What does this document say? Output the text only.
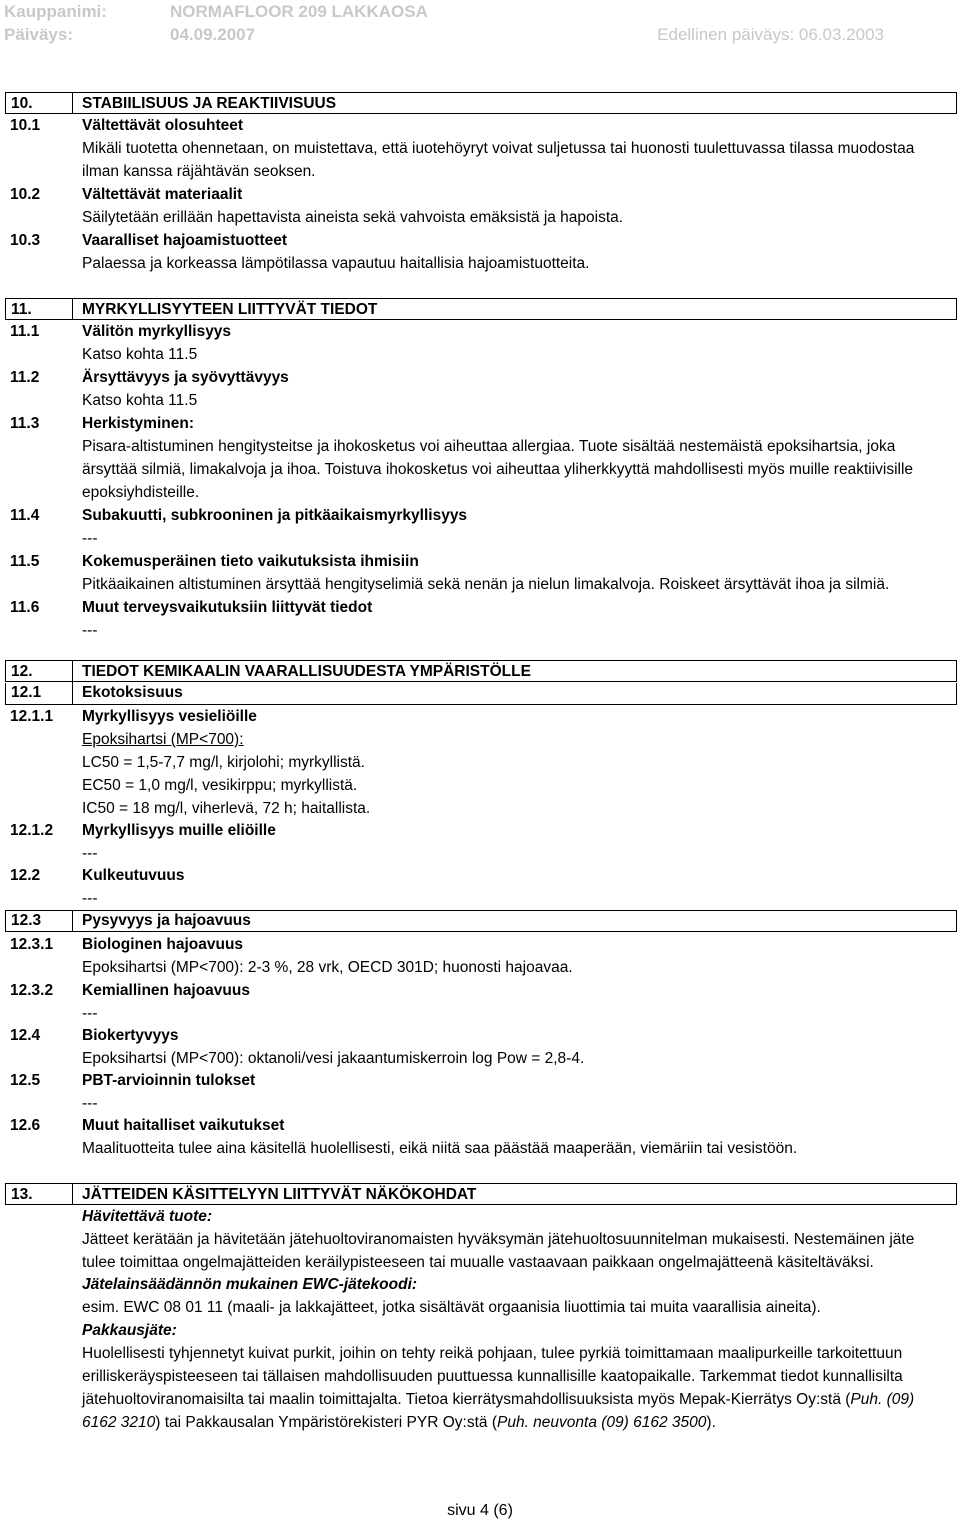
Kauppanimi:	NORMAFLOOR 209 LAKKAOSA
Päiväys:	04.09.2007	Edellinen päiväys: 06.03.2003
10.	STABIILISUUS JA REAKTIIVISUUS
10.1	Vältettävät olosuhteet
Mikäli tuotetta ohennetaan, on muistettava, että iuotehöyryt voivat suljetussa tai huonosti tuulettuvassa tilassa muodostaa
ilman kanssa räjähtävän seoksen.
10.2	Vältettävät materiaalit
Säilytetään erillään hapettavista aineista sekä vahvoista emäksistä ja hapoista.
10.3	Vaaralliset hajoamistuotteet
Palaessa ja korkeassa lämpötilassa vapautuu haitallisia hajoamistuotteita.
11.	MYRKYLLISYYTEEN LIITTYVÄT TIEDOT
11.1	Välitön myrkyllisyys
Katso kohta 11.5
11.2	Ärsyttävyys ja syövyttävyys
Katso kohta 11.5
11.3	Herkistyminen:
Pisara-altistuminen hengitysteitse ja ihokosketus voi aiheuttaa allergiaa. Tuote sisältää nestemäistä epoksihartsia, joka
ärsyttää silmiä, limakalvoja ja ihoa. Toistuva ihokosketus voi aiheuttaa yliherkkyyttä mahdollisesti myös muille reaktiivisille
epoksiyhdisteille.
11.4	Subakuutti, subkrooninen ja pitkäaikaismyrkyllisyys
---
11.5	Kokemusperäinen tieto vaikutuksista ihmisiin
Pitkäaikainen altistuminen ärsyttää hengityselimiä sekä nenän ja nielun limakalvoja. Roiskeet ärsyttävät ihoa ja silmiä.
11.6	Muut terveysvaikutuksiin liittyvät tiedot
---
12.	TIEDOT KEMIKAALIN VAARALLISUUDESTA YMPÄRISTÖLLE
12.1	Ekotoksisuus
12.1.1 Myrkyllisyys vesieliöille
Epoksihartsi (MP<700):
LC50 = 1,5-7,7 mg/l, kirjolohi; myrkyllistä.
EC50 = 1,0 mg/l, vesikirppu; myrkyllistä.
IC50 = 18 mg/l, viherlevä, 72 h; haitallista.
12.1.2 Myrkyllisyys muille eliöille
---
12.2	Kulkeutuvuus
---
12.3	Pysyvyys ja hajoavuus
12.3.1 Biologinen hajoavuus
Epoksihartsi (MP<700): 2-3 %, 28 vrk, OECD 301D; huonosti hajoavaa.
12.3.2 Kemiallinen hajoavuus
---
12.4	Biokertyvyys
Epoksihartsi (MP<700): oktanoli/vesi jakaantumiskerroin log Pow = 2,8-4.
12.5	PBT-arvioinnin tulokset
---
12.6	Muut haitalliset vaikutukset
Maalituotteita tulee aina käsitellä huolellisesti, eikä niitä saa päästää maaperään, viemäriin tai vesistöön.
13.	JÄTTEIDEN KÄSITTELYYN LIITTYVÄT NÄKÖKOHDAT
Hävitettävä tuote:
Jätteet kerätään ja hävitetään jätehuoltoviranomaisten hyväksymän jätehuoltosuunnitelman mukaisesti. Nestemäinen jäte
tulee toimittaa ongelmajätteiden keräilypisteeseen tai muualle vastaavaan paikkaan ongelmajätteenä käsiteltäväksi.
Jätelainsäädännön mukainen EWC-jätekoodi:
esim. EWC 08 01 11 (maali- ja lakkajätteet, jotka sisältävät orgaanisia liuottimia tai muita vaarallisia aineita).
Pakkausjäte:
Huolellisesti tyhjennetyt kuivat purkit, joihin on tehty reikä pohjaan, tulee pyrkiä toimittamaan maalipurkeille tarkoitettuun
erilliskeräyspisteeseen tai tällaisen mahdollisuuden puuttuessa kunnallisille kaatopaikalle. Tarkemmat tiedot kunnallisilta
jätehuoltoviranomaisilta tai maalin toimittajalta. Tietoa kierrätysmahdollisuuksista myös Mepak-Kierrätys Oy:stä (Puh. (09)
6162 3210) tai Pakkausalan Ympäristörekisteri PYR Oy:stä (Puh. neuvonta (09) 6162 3500).
sivu 4 (6)
